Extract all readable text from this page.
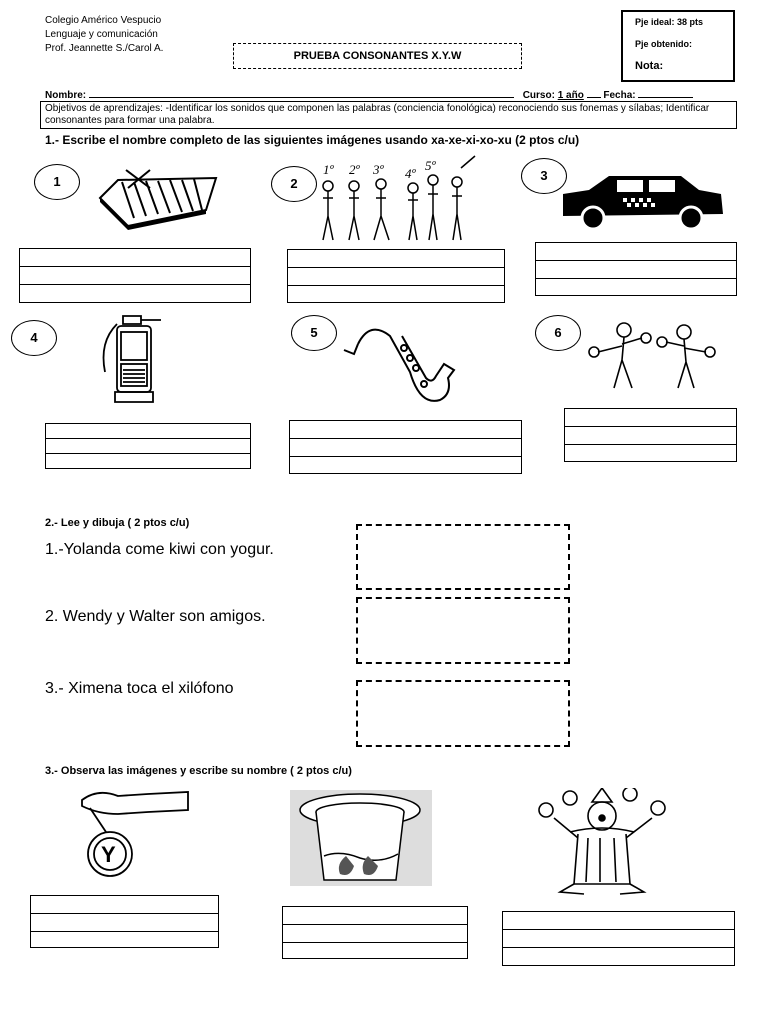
Colegio Américo Vespucio
Lenguaje y comunicación
Prof. Jeannette S./Carol A.
PRUEBA CONSONANTES X.Y.W
Pje ideal: 38 pts
Pje obtenido:
Nota:
Nombre:	Curso: 1 año Fecha:
Objetivos de aprendizajes: -Identificar los sonidos que componen las palabras (conciencia fonológica) reconociendo sus fonemas y sílabas; Identificar consonantes para formar una palabra.
1.- Escribe el nombre completo de las siguientes imágenes usando xa-xe-xi-xo-xu (2 ptos c/u)
1	2
1º 2º 3º 4º
5º
3
4	5	6
2.- Lee y dibuja ( 2 ptos c/u)
1.-Yolanda come kiwi con yogur.
2. Wendy y Walter son amigos.
3.- Ximena toca el xilófono
3.- Observa las imágenes y escribe su nombre ( 2 ptos c/u)
Y
